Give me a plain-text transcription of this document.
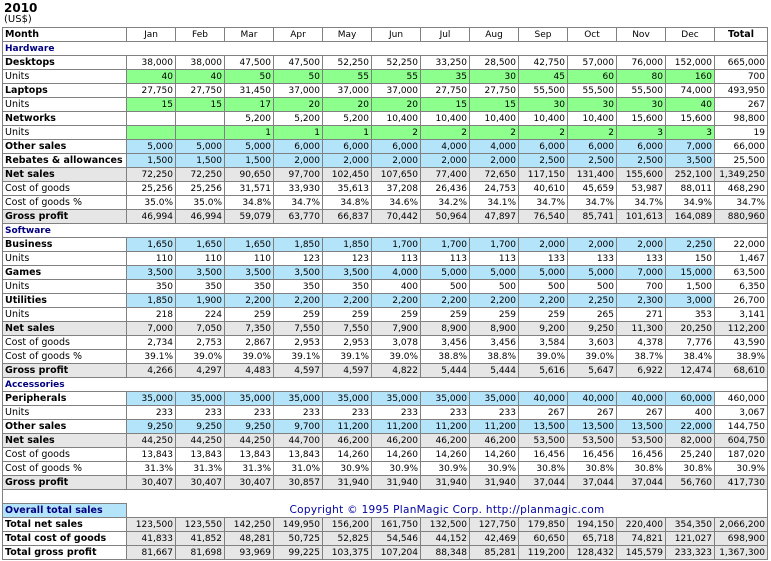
2010
(US$)
Month	Jan	Feb	Mar	Apr	May	Jun	Jul	Aug	Sep	Oct	Nov	Dec	Total
Hardware													
Desktops	38,000	38,000	47,500	47,500	52,250	52,250	33,250	28,500	42,750	57,000	76,000	152,000	665,000
Units	40	40	50	50	55	55	35	30	45	60	80	160	700
Laptops	27,750	27,750	31,450	37,000	37,000	37,000	27,750	27,750	55,500	55,500	55,500	74,000	493,950
Units	15	15	17	20	20	20	15	15	30	30	30	40	267
Networks			5,200	5,200	5,200	10,400	10,400	10,400	10,400	10,400	15,600	15,600	98,800
Units			1	1	1	2	2	2	2	2	3	3	19
Other sales	5,000	5,000	5,000	6,000	6,000	6,000	4,000	4,000	6,000	6,000	6,000	7,000	66,000
Rebates & allowances	1,500	1,500	1,500	2,000	2,000	2,000	2,000	2,000	2,500	2,500	2,500	3,500	25,500
Net sales	72,250	72,250	90,650	97,700	102,450	107,650	77,400	72,650	117,150	131,400	155,600	252,100	1,349,250
Cost of goods	25,256	25,256	31,571	33,930	35,613	37,208	26,436	24,753	40,610	45,659	53,987	88,011	468,290
Cost of goods %	35.0%	35.0%	34.8%	34.7%	34.8%	34.6%	34.2%	34.1%	34.7%	34.7%	34.7%	34.9%	34.7%
Gross profit	46,994	46,994	59,079	63,770	66,837	70,442	50,964	47,897	76,540	85,741	101,613	164,089	880,960
Software													
Business	1,650	1,650	1,650	1,850	1,850	1,700	1,700	1,700	2,000	2,000	2,000	2,250	22,000
Units	110	110	110	123	123	113	113	113	133	133	133	150	1,467
Games	3,500	3,500	3,500	3,500	3,500	4,000	5,000	5,000	5,000	5,000	7,000	15,000	63,500
Units	350	350	350	350	350	400	500	500	500	500	700	1,500	6,350
Utilities	1,850	1,900	2,200	2,200	2,200	2,200	2,200	2,200	2,200	2,250	2,300	3,000	26,700
Units	218	224	259	259	259	259	259	259	259	265	271	353	3,141
Net sales	7,000	7,050	7,350	7,550	7,550	7,900	8,900	8,900	9,200	9,250	11,300	20,250	112,200
Cost of goods	2,734	2,753	2,867	2,953	2,953	3,078	3,456	3,456	3,584	3,603	4,378	7,776	43,590
Cost of goods %	39.1%	39.0%	39.0%	39.1%	39.1%	39.0%	38.8%	38.8%	39.0%	39.0%	38.7%	38.4%	38.9%
Gross profit	4,266	4,297	4,483	4,597	4,597	4,822	5,444	5,444	5,616	5,647	6,922	12,474	68,610
Accessories													
Peripherals	35,000	35,000	35,000	35,000	35,000	35,000	35,000	35,000	40,000	40,000	40,000	60,000	460,000
Units	233	233	233	233	233	233	233	233	267	267	267	400	3,067
Other sales	9,250	9,250	9,250	9,700	11,200	11,200	11,200	11,200	13,500	13,500	13,500	22,000	144,750
Net sales	44,250	44,250	44,250	44,700	46,200	46,200	46,200	46,200	53,500	53,500	53,500	82,000	604,750
Cost of goods	13,843	13,843	13,843	13,843	14,260	14,260	14,260	14,260	16,456	16,456	16,456	25,240	187,020
Cost of goods %	31.3%	31.3%	31.3%	31.0%	30.9%	30.9%	30.9%	30.9%	30.8%	30.8%	30.8%	30.8%	30.9%
Gross profit	30,407	30,407	30,407	30,857	31,940	31,940	31,940	31,940	37,044	37,044	37,044	56,760	417,730

Overall total sales	Copyright © 1995 PlanMagic Corp. http://planmagic.com												
Total net sales	123,500	123,550	142,250	149,950	156,200	161,750	132,500	127,750	179,850	194,150	220,400	354,350	2,066,200
Total cost of goods	41,833	41,852	48,281	50,725	52,825	54,546	44,152	42,469	60,650	65,718	74,821	121,027	698,900
Total gross profit	81,667	81,698	93,969	99,225	103,375	107,204	88,348	85,281	119,200	128,432	145,579	233,323	1,367,300
